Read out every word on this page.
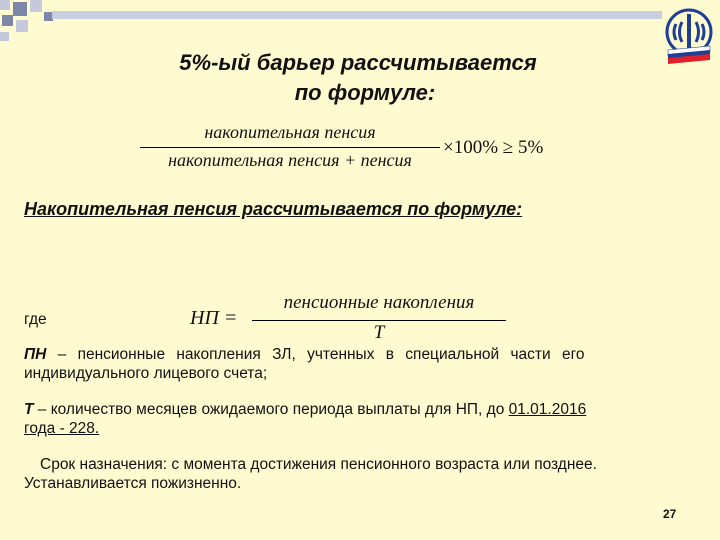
5%-ый барьер рассчитывается
по формуле:
накопительная пенсия
накопительная пенсия + пенсия
×100% ≥ 5%
Накопительная пенсия рассчитывается по формуле:
где	НП =
пенсионные накопления
T
ПН – пенсионные накопления ЗЛ, учтенных в специальной части его
индивидуального лицевого счета;
Т – количество месяцев ожидаемого периода выплаты для НП, до 01.01.2016
года - 228.
Срок назначения: с момента достижения пенсионного возраста или позднее.
Устанавливается пожизненно.
27
